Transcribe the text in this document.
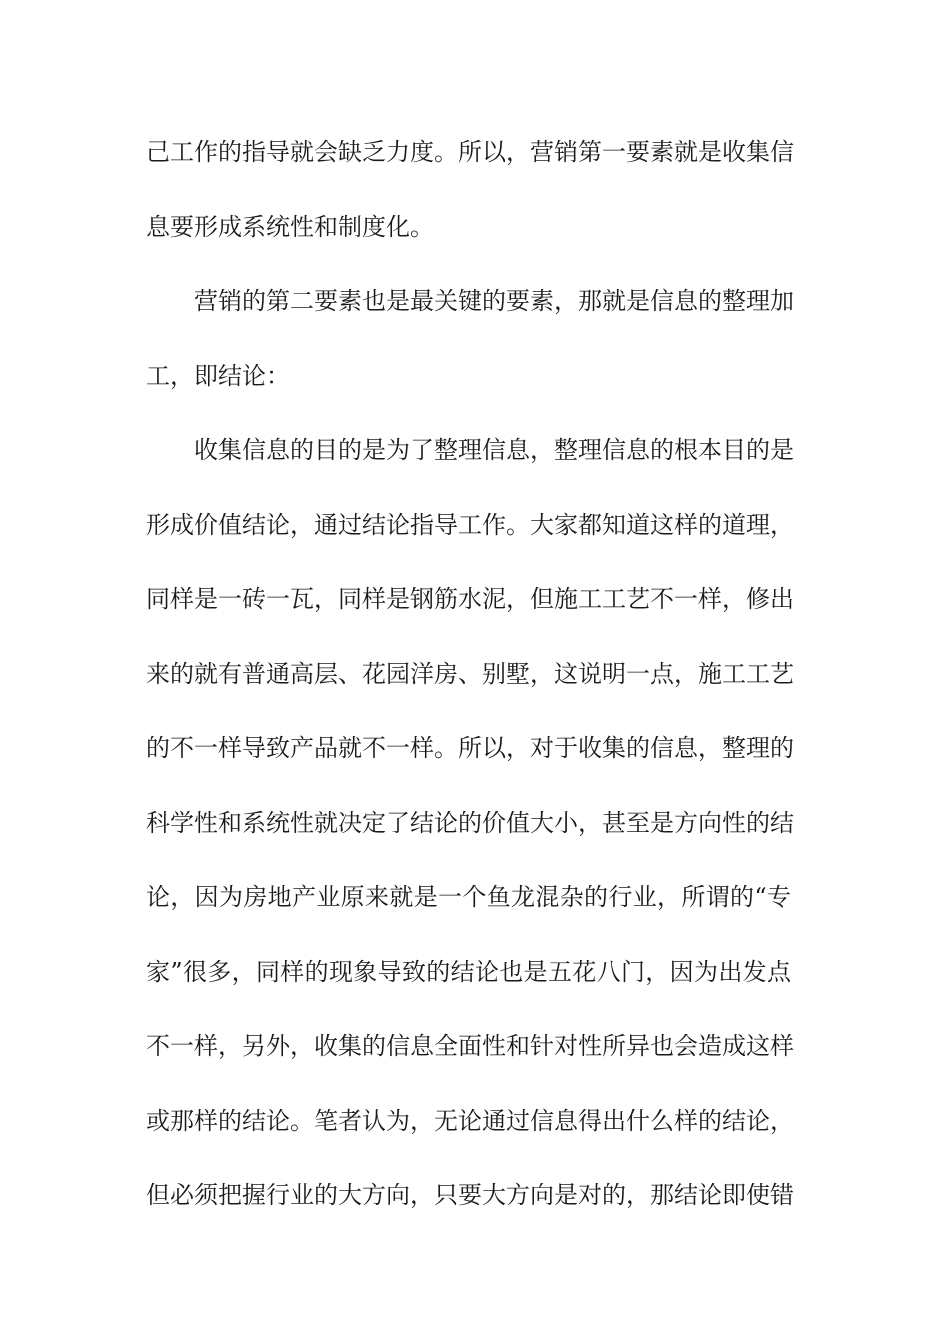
己工作的指导就会缺乏力度。所以，营销第一要素就是收集信
息要形成系统性和制度化。
营销的第二要素也是最关键的要素，那就是信息的整理加
工，即结论：
收集信息的目的是为了整理信息，整理信息的根本目的是
形成价值结论，通过结论指导工作。大家都知道这样的道理，
同样是一砖一瓦，同样是钢筋水泥，但施工工艺不一样，修出
来的就有普通高层、花园洋房、别墅，这说明一点，施工工艺
的不一样导致产品就不一样。所以，对于收集的信息，整理的
科学性和系统性就决定了结论的价值大小，甚至是方向性的结
论，因为房地产业原来就是一个鱼龙混杂的行业，所谓的“专
家”很多，同样的现象导致的结论也是五花八门，因为出发点
不一样，另外，收集的信息全面性和针对性所异也会造成这样
或那样的结论。笔者认为，无论通过信息得出什么样的结论，
但必须把握行业的大方向，只要大方向是对的，那结论即使错
